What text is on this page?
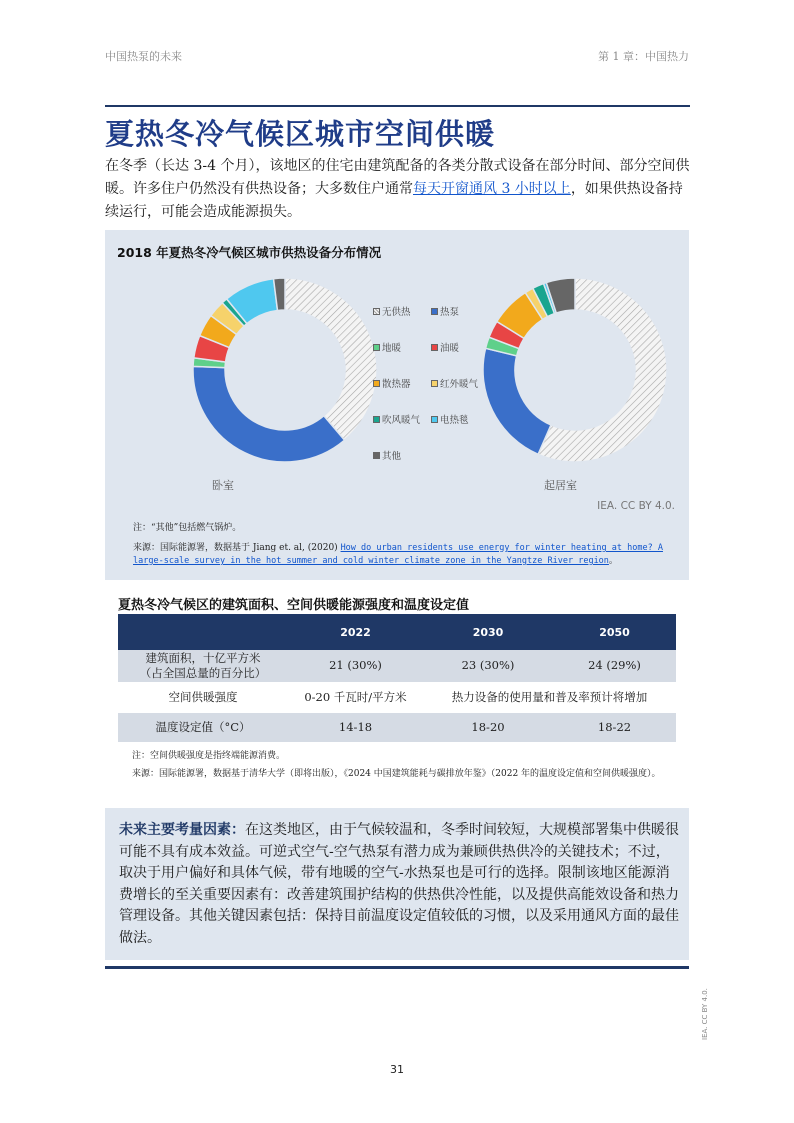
中国热泵的未来	第 1 章：中国热力
夏热冬冷气候区城市空间供暖

在冬季（长达 3-4 个月），该地区的住宅由建筑配备的各类分散式设备在部分时间、部分空间供暖。许多住户仍然没有供热设备；大多数住户通常每天开窗通风 3 小时以上，如果供热设备持续运行，可能会造成能源损失。

2018 年夏热冬冷气候区城市供热设备分布情况
卧室	起居室
无供热	热泵
地暖	油暖
散热器	红外暖气
吹风暖气 电热毯
其他
IEA. CC BY 4.0.
注：“其他”包括燃气锅炉。
来源：国际能源署，数据基于 Jiang et. al, (2020) How do urban residents use energy for winter heating at home? A large-scale survey in the hot summer and cold winter climate zone in the Yangtze River region。
夏热冬冷气候区的建筑面积、空间供暖能源强度和温度设定值
	2022	2030	2050
建筑面积，十亿平方米
（占全国总量的百分比）	21 (30%)	23 (30%)	24 (29%)
空间供暖强度	0-20 千瓦时/平方米	热力设备的使用量和普及率预计将增加	
温度设定值（°C）	14-18	18-20	18-22
注：空间供暖强度是指终端能源消费。
来源：国际能源署，数据基于清华大学（即将出版），《2024 中国建筑能耗与碳排放年鉴》（2022 年的温度设定值和空间供暖强度）。

未来主要考量因素：在这类地区，由于气候较温和，冬季时间较短，大规模部署集中供暖很可能不具有成本效益。可逆式空气-空气热泵有潜力成为兼顾供热供冷的关键技术；不过，取决于用户偏好和具体气候，带有地暖的空气-水热泵也是可行的选择。限制该地区能源消费增长的至关重要因素有：改善建筑围护结构的供热供冷性能，以及提供高能效设备和热力管理设备。其他关键因素包括：保持目前温度设定值较低的习惯，以及采用通风方面的最佳做法。

31
IEA. CC BY 4.0.
